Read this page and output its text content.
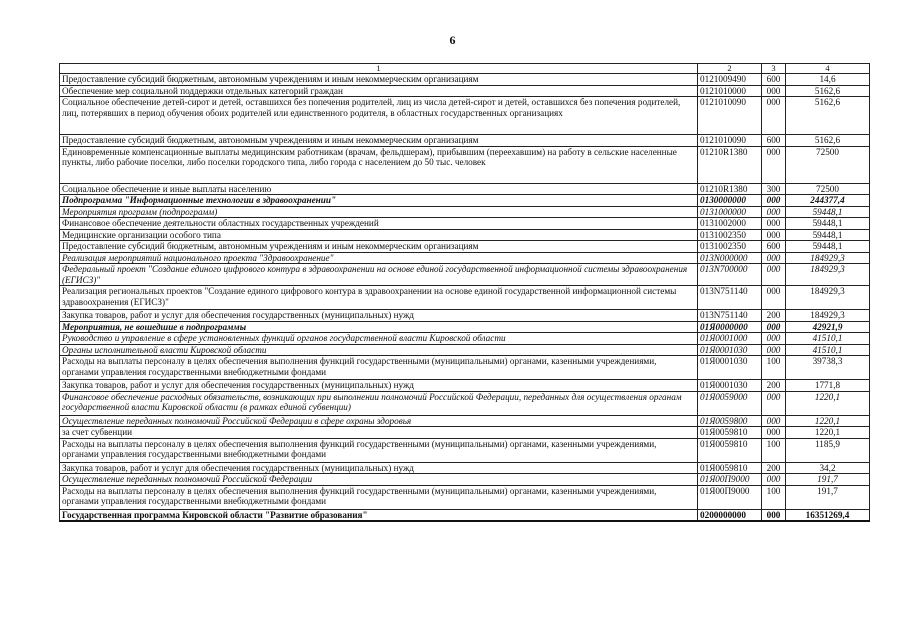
6
1	2	3	4
Предоставление субсидий бюджетным, автономным учреждениям и иным некоммерческим организациям	0121009490	600	14,6
Обеспечение мер социальной поддержки отдельных категорий граждан	0121010000	000	5162,6
Социальное обеспечение детей-сирот и детей, оставшихся без попечения родителей, лиц из числа детей-сирот и детей, оставшихся без попечения родителей, лиц, потерявших в период обучения обоих родителей или единственного родителя, в областных государственных организациях	0121010090	000	5162,6
Предоставление субсидий бюджетным, автономным учреждениям и иным некоммерческим организациям	0121010090	600	5162,6
Единовременные компенсационные выплаты медицинским работникам (врачам, фельдшерам), прибывшим (переехавшим) на работу в сельские населенные пункты, либо рабочие поселки, либо поселки городского типа, либо города с населением до 50 тыс. человек	01210R1380	000	72500
Социальное обеспечение и иные выплаты населению	01210R1380	300	72500
Подпрограмма "Информационные технологии в здравоохранении"	0130000000	000	244377,4
Мероприятия программ (подпрограмм)	0131000000	000	59448,1
Финансовое обеспечение деятельности областных государственных учреждений	0131002000	000	59448,1
Медицинские организации особого типа	0131002350	000	59448,1
Предоставление субсидий бюджетным, автономным учреждениям и иным некоммерческим организациям	0131002350	600	59448,1
Реализация мероприятий национального проекта "Здравоохранение"	013N000000	000	184929,3
Федеральный проект "Создание единого цифрового контура в здравоохранении на основе единой государственной информационной системы здравоохранения (ЕГИСЗ)"	013N700000	000	184929,3
Реализация региональных проектов "Создание единого цифрового контура в здравоохранении на основе единой государственной информационной системы здравоохранения (ЕГИСЗ)"	013N751140	000	184929,3
Закупка товаров, работ и услуг для обеспечения государственных (муниципальных) нужд	013N751140	200	184929,3
Мероприятия, не вошедшие в подпрограммы	01Я0000000	000	42921,9
Руководство и управление в сфере установленных функций органов государственной власти Кировской области	01Я0001000	000	41510,1
Органы исполнительной власти Кировской области	01Я0001030	000	41510,1
Расходы на выплаты персоналу в целях обеспечения выполнения функций государственными (муниципальными) органами, казенными учреждениями, органами управления государственными внебюджетными фондами	01Я0001030	100	39738,3
Закупка товаров, работ и услуг для обеспечения государственных (муниципальных) нужд	01Я0001030	200	1771,8
Финансовое обеспечение расходных обязательств, возникающих при выполнении полномочий Российской Федерации, переданных для осуществления органам государственной власти Кировской области (в рамках единой субвенции)	01Я0059000	000	1220,1
Осуществление переданных полномочий Российской Федерации в сфере охраны здоровья	01Я0059800	000	1220,1
за счет субвенции	01Я0059810	000	1220,1
Расходы на выплаты персоналу в целях обеспечения выполнения функций государственными (муниципальными) органами, казенными учреждениями, органами управления государственными внебюджетными фондами	01Я0059810	100	1185,9
Закупка товаров, работ и услуг для обеспечения государственных (муниципальных) нужд	01Я0059810	200	34,2
Осуществление переданных полномочий Российской Федерации	01Я00П9000	000	191,7
Расходы на выплаты персоналу в целях обеспечения выполнения функций государственными (муниципальными) органами, казенными учреждениями, органами управления государственными внебюджетными фондами	01Я00П9000	100	191,7
Государственная программа Кировской области "Развитие образования"	0200000000	000	16351269,4
